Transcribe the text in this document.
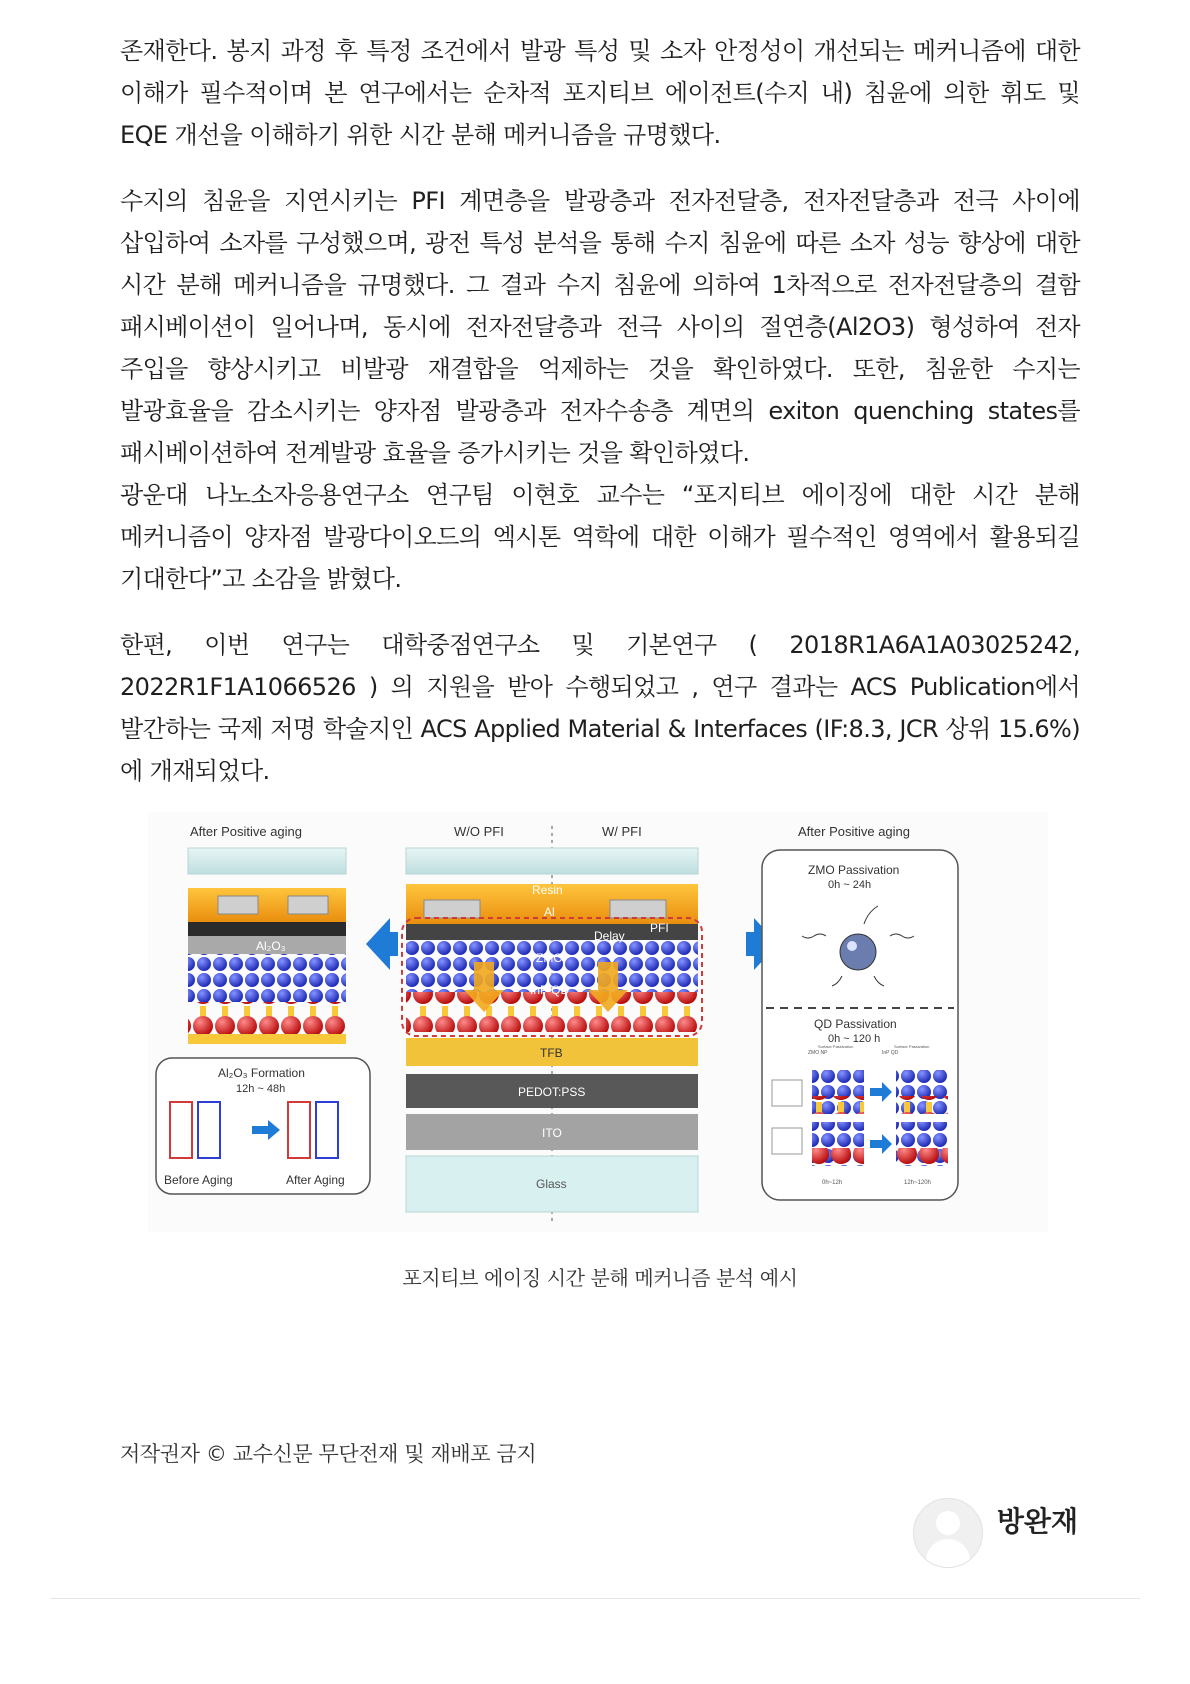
존재한다. 봉지 과정 후 특정 조건에서 발광 특성 및 소자 안정성이 개선되는 메커니즘에 대한 이해가 필수적이며 본 연구에서는 순차적 포지티브 에이전트(수지 내) 침윤에 의한 휘도 및 EQE 개선을 이해하기 위한 시간 분해 메커니즘을 규명했다.

수지의 침윤을 지연시키는 PFI 계면층을 발광층과 전자전달층, 전자전달층과 전극 사이에 삽입하여 소자를 구성했으며, 광전 특성 분석을 통해 수지 침윤에 따른 소자 성능 향상에 대한 시간 분해 메커니즘을 규명했다. 그 결과 수지 침윤에 의하여 1차적으로 전자전달층의 결함 패시베이션이 일어나며, 동시에 전자전달층과 전극 사이의 절연층(Al2O3) 형성하여 전자 주입을 향상시키고 비발광 재결합을 억제하는 것을 확인하였다. 또한, 침윤한 수지는 발광효율을 감소시키는 양자점 발광층과 전자수송층 계면의 exiton quenching states를 패시베이션하여 전계발광 효율을 증가시키는 것을 확인하였다.

광운대 나노소자응용연구소 연구팀 이현호 교수는 “포지티브 에이징에 대한 시간 분해 메커니즘이 양자점 발광다이오드의 엑시톤 역학에 대한 이해가 필수적인 영역에서 활용되길 기대한다”고 소감을 밝혔다.

한편, 이번 연구는 대학중점연구소 및 기본연구 ( 2018R1A6A1A03025242, 2022R1F1A1066526 ) 의 지원을 받아 수행되었고 , 연구 결과는 ACS Publication에서 발간하는 국제 저명 학술지인 ACS Applied Material & Interfaces (IF:8.3, JCR 상위 15.6%)에 개재되었다.

After Positive aging
Al₂O₃
Al₂O₃ Formation
12h ~ 48h
Before Aging	After Aging
W/O PFI	W/ PFI
Resin
Al
Delay
PFI
ZMO
InP QD
TFB
PEDOT:PSS
ITO
Glass
After Positive aging
ZMO Passivation
0h ~ 24h
QD Passivation
0h ~ 120 h
ZMO NP	InP QD
Surface Passivation	Surface Passivation
0h~12h	12h~120h
포지티브 에이징 시간 분해 메커니즘 분석 예시
저작권자 © 교수신문 무단전재 및 재배포 금지
방완재
